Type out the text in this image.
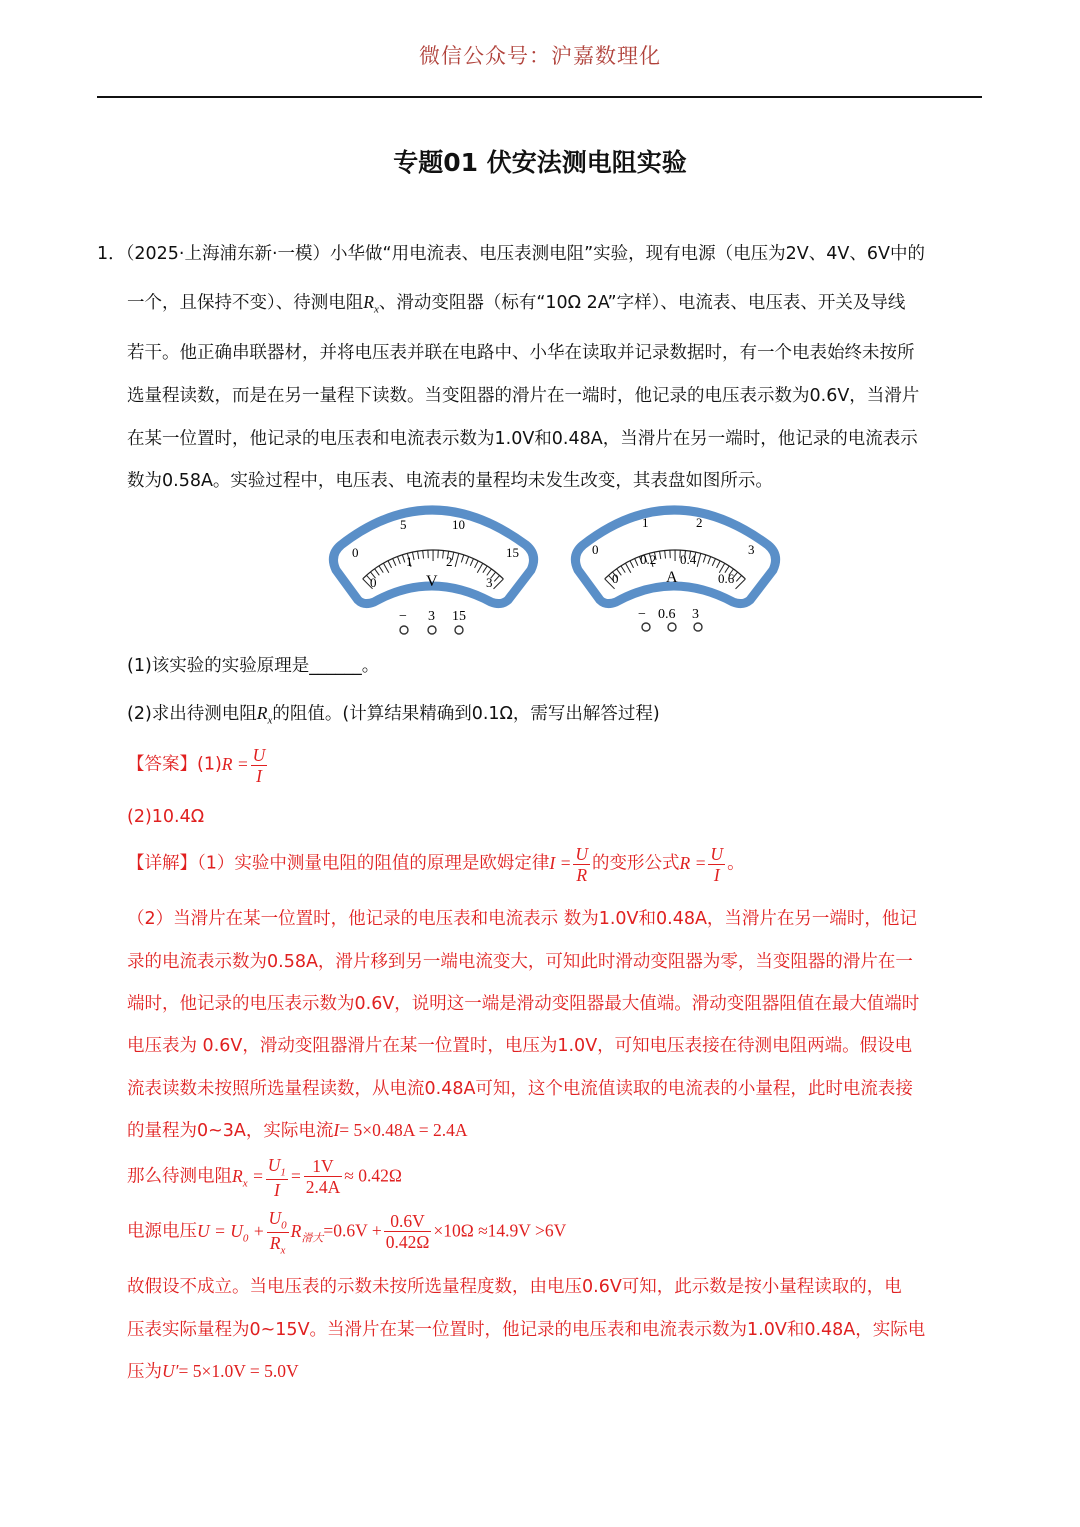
微信公众号：沪嘉数理化
专题01 伏安法测电阻实验
1．（2025·上海浦东新·一模）小华做“用电流表、电压表测电阻”实验，现有电源（电压为2V、4V、6V中的
一个，且保持不变）、待测电阻$R_x$、滑动变阻器（标有“10Ω 2A”字样）、电流表、电压表、开关及导线
若干。他正确串联器材，并将电压表并联在电路中、小华在读取并记录数据时，有一个电表始终未按所
选量程读数，而是在另一量程下读数。当变阻器的滑片在一端时，他记录的电压表示数为0.6V，当滑片
在某一位置时，他记录的电压表和电流表示数为1.0V和0.48A，当滑片在另一端时，他记录的电流表示
数为0.58A。实验过程中，电压表、电流表的量程均未发生改变，其表盘如图所示。
0
5	10
15
0
1	2
3
V
− 3 15
0
1	2
3
0
0.2 0.4
0.6
A
− 0.6 3
(1)该实验的实验原理是______。
(2)求出待测电阻$R_x$的阻值。(计算结果精确到0.1Ω，需写出解答过程)
【答案】$(1)R = \frac{U}{I}$
(2)10.4Ω
【详解】（1）实验中测量电阻的阻值的原理是欧姆定律$I = \frac{U}{R}$ 的变形公式$R = \frac{U}{I}$ 。
（2）当滑片在某一位置时，他记录的电压表和电流表示 数为1.0V和0.48A，当滑片在另一端时，他记
录的电流表示数为0.58A，滑片移到另一端电流变大，可知此时滑动变阻器为零，当变阻器的滑片在一
端时，他记录的电压表示数为0.6V，说明这一端是滑动变阻器最大值端。滑动变阻器阻值在最大值端时
电压表为 0.6V，滑动变阻器滑片在某一位置时，电压为1.0V，可知电压表接在待测电阻两端。假设电
流表读数未按照所选量程读数，从电流0.48A可知，这个电流值读取的电流表的小量程，此时电流表接
的量程为0~3A，实际电流I= 5×0.48A = 2.4A
那么待测电阻$R_x = \frac{U_1}{I} = \frac{1V}{2.4A} \approx 0.42\Omega$
电源电压$U = U_0 + \frac{U_0}{R_x} R_{滑大}=0.6V + \frac{0.6V}{0.42\Omega} \times 10\Omega \approx 14.9V >6V$
故假设不成立。当电压表的示数未按所选量程度数，由电压0.6V可知，此示数是按小量程读取的，电
压表实际量程为0~15V。当滑片在某一位置时，他记录的电压表和电流表示数为1.0V和0.48A，实际电
压为U′= 5×1.0V = 5.0V
